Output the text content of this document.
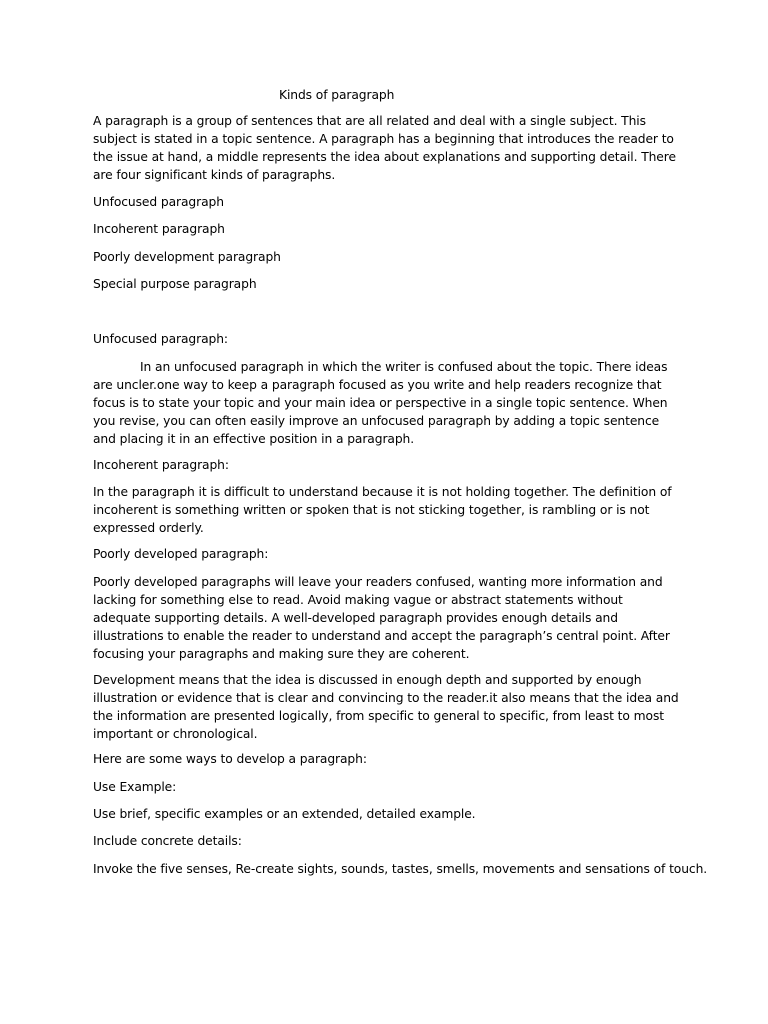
Kinds of paragraph
A paragraph is a group of sentences that are all related and deal with a single subject. This subject is stated in a topic sentence. A paragraph has a beginning that introduces the reader to the issue at hand, a middle represents the idea about explanations and supporting detail. There are four significant kinds of paragraphs.
Unfocused paragraph
Incoherent paragraph
Poorly development paragraph
Special purpose paragraph
Unfocused paragraph:
In an unfocused paragraph in which the writer is confused about the topic. There ideas are uncler.one way to keep a paragraph focused as you write and help readers recognize that focus is to state your topic and your main idea or perspective in a single topic sentence. When you revise, you can often easily improve an unfocused paragraph by adding a topic sentence and placing it in an effective position in a paragraph.
Incoherent paragraph:
In the paragraph it is difficult to understand because it is not holding together. The definition of incoherent is something written or spoken that is not sticking together, is rambling or is not expressed orderly.
Poorly developed paragraph:
Poorly developed paragraphs will leave your readers confused, wanting more information and lacking for something else to read. Avoid making vague or abstract statements without adequate supporting details. A well-developed paragraph provides enough details and illustrations to enable the reader to understand and accept the paragraph’s central point. After focusing your paragraphs and making sure they are coherent.
Development means that the idea is discussed in enough depth and supported by enough illustration or evidence that is clear and convincing to the reader.it also means that the idea and the information are presented logically, from specific to general to specific, from least to most important or chronological.
Here are some ways to develop a paragraph:
Use Example:
Use brief, specific examples or an extended, detailed example.
Include concrete details:
Invoke the five senses, Re-create sights, sounds, tastes, smells, movements and sensations of touch.
